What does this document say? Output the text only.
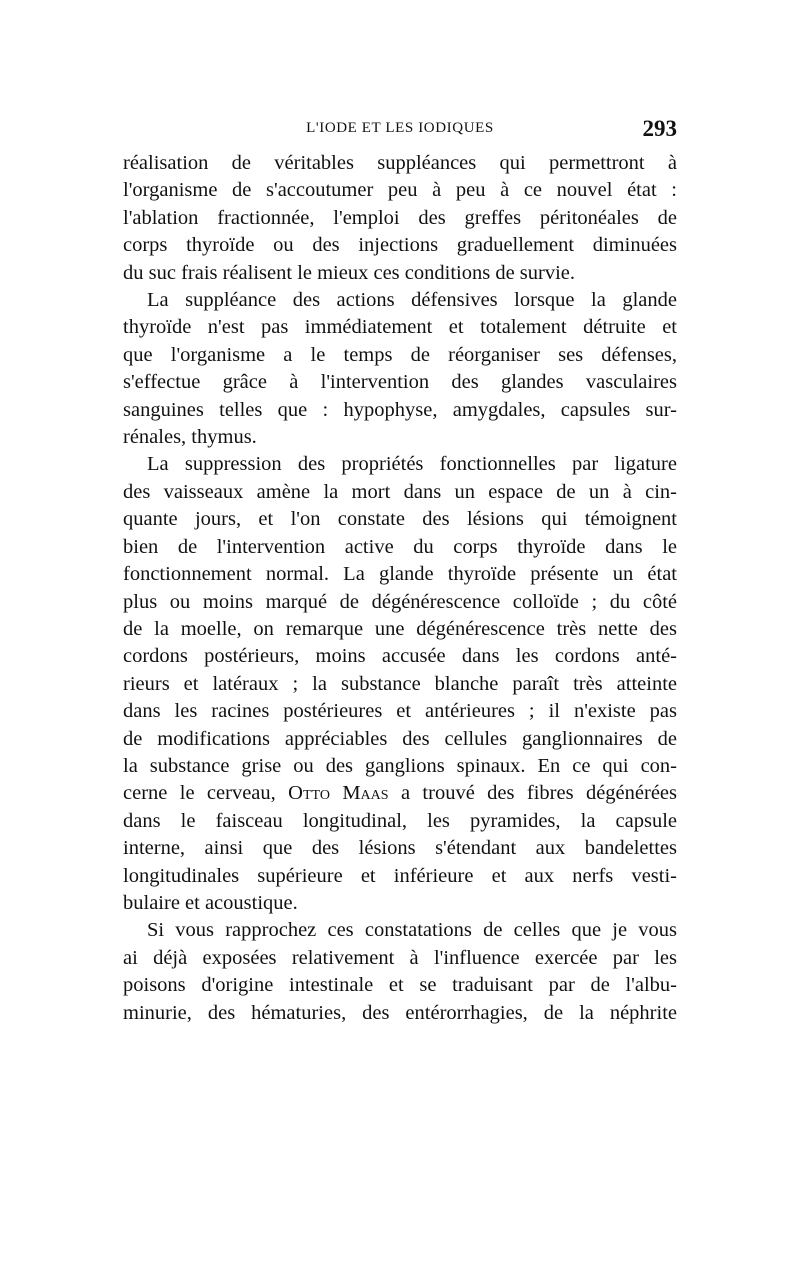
L'IODE ET LES IODIQUES	293
réalisation de véritables suppléances qui permettront à
l'organisme de s'accoutumer peu à peu à ce nouvel état :
l'ablation fractionnée, l'emploi des greffes péritonéales de
corps thyroïde ou des injections graduellement diminuées
du suc frais réalisent le mieux ces conditions de survie.
La suppléance des actions défensives lorsque la glande
thyroïde n'est pas immédiatement et totalement détruite et
que l'organisme a le temps de réorganiser ses défenses,
s'effectue grâce à l'intervention des glandes vasculaires
sanguines telles que : hypophyse, amygdales, capsules sur-
rénales, thymus.
La suppression des propriétés fonctionnelles par ligature
des vaisseaux amène la mort dans un espace de un à cin-
quante jours, et l'on constate des lésions qui témoignent
bien de l'intervention active du corps thyroïde dans le
fonctionnement normal. La glande thyroïde présente un état
plus ou moins marqué de dégénérescence colloïde ; du côté
de la moelle, on remarque une dégénérescence très nette des
cordons postérieurs, moins accusée dans les cordons anté-
rieurs et latéraux ; la substance blanche paraît très atteinte
dans les racines postérieures et antérieures ; il n'existe pas
de modifications appréciables des cellules ganglionnaires de
la substance grise ou des ganglions spinaux. En ce qui con-
cerne le cerveau, Otto Maas a trouvé des fibres dégénérées
dans le faisceau longitudinal, les pyramides, la capsule
interne, ainsi que des lésions s'étendant aux bandelettes
longitudinales supérieure et inférieure et aux nerfs vesti-
bulaire et acoustique.
Si vous rapprochez ces constatations de celles que je vous
ai déjà exposées relativement à l'influence exercée par les
poisons d'origine intestinale et se traduisant par de l'albu-
minurie, des hématuries, des entérorrhagies, de la néphrite
